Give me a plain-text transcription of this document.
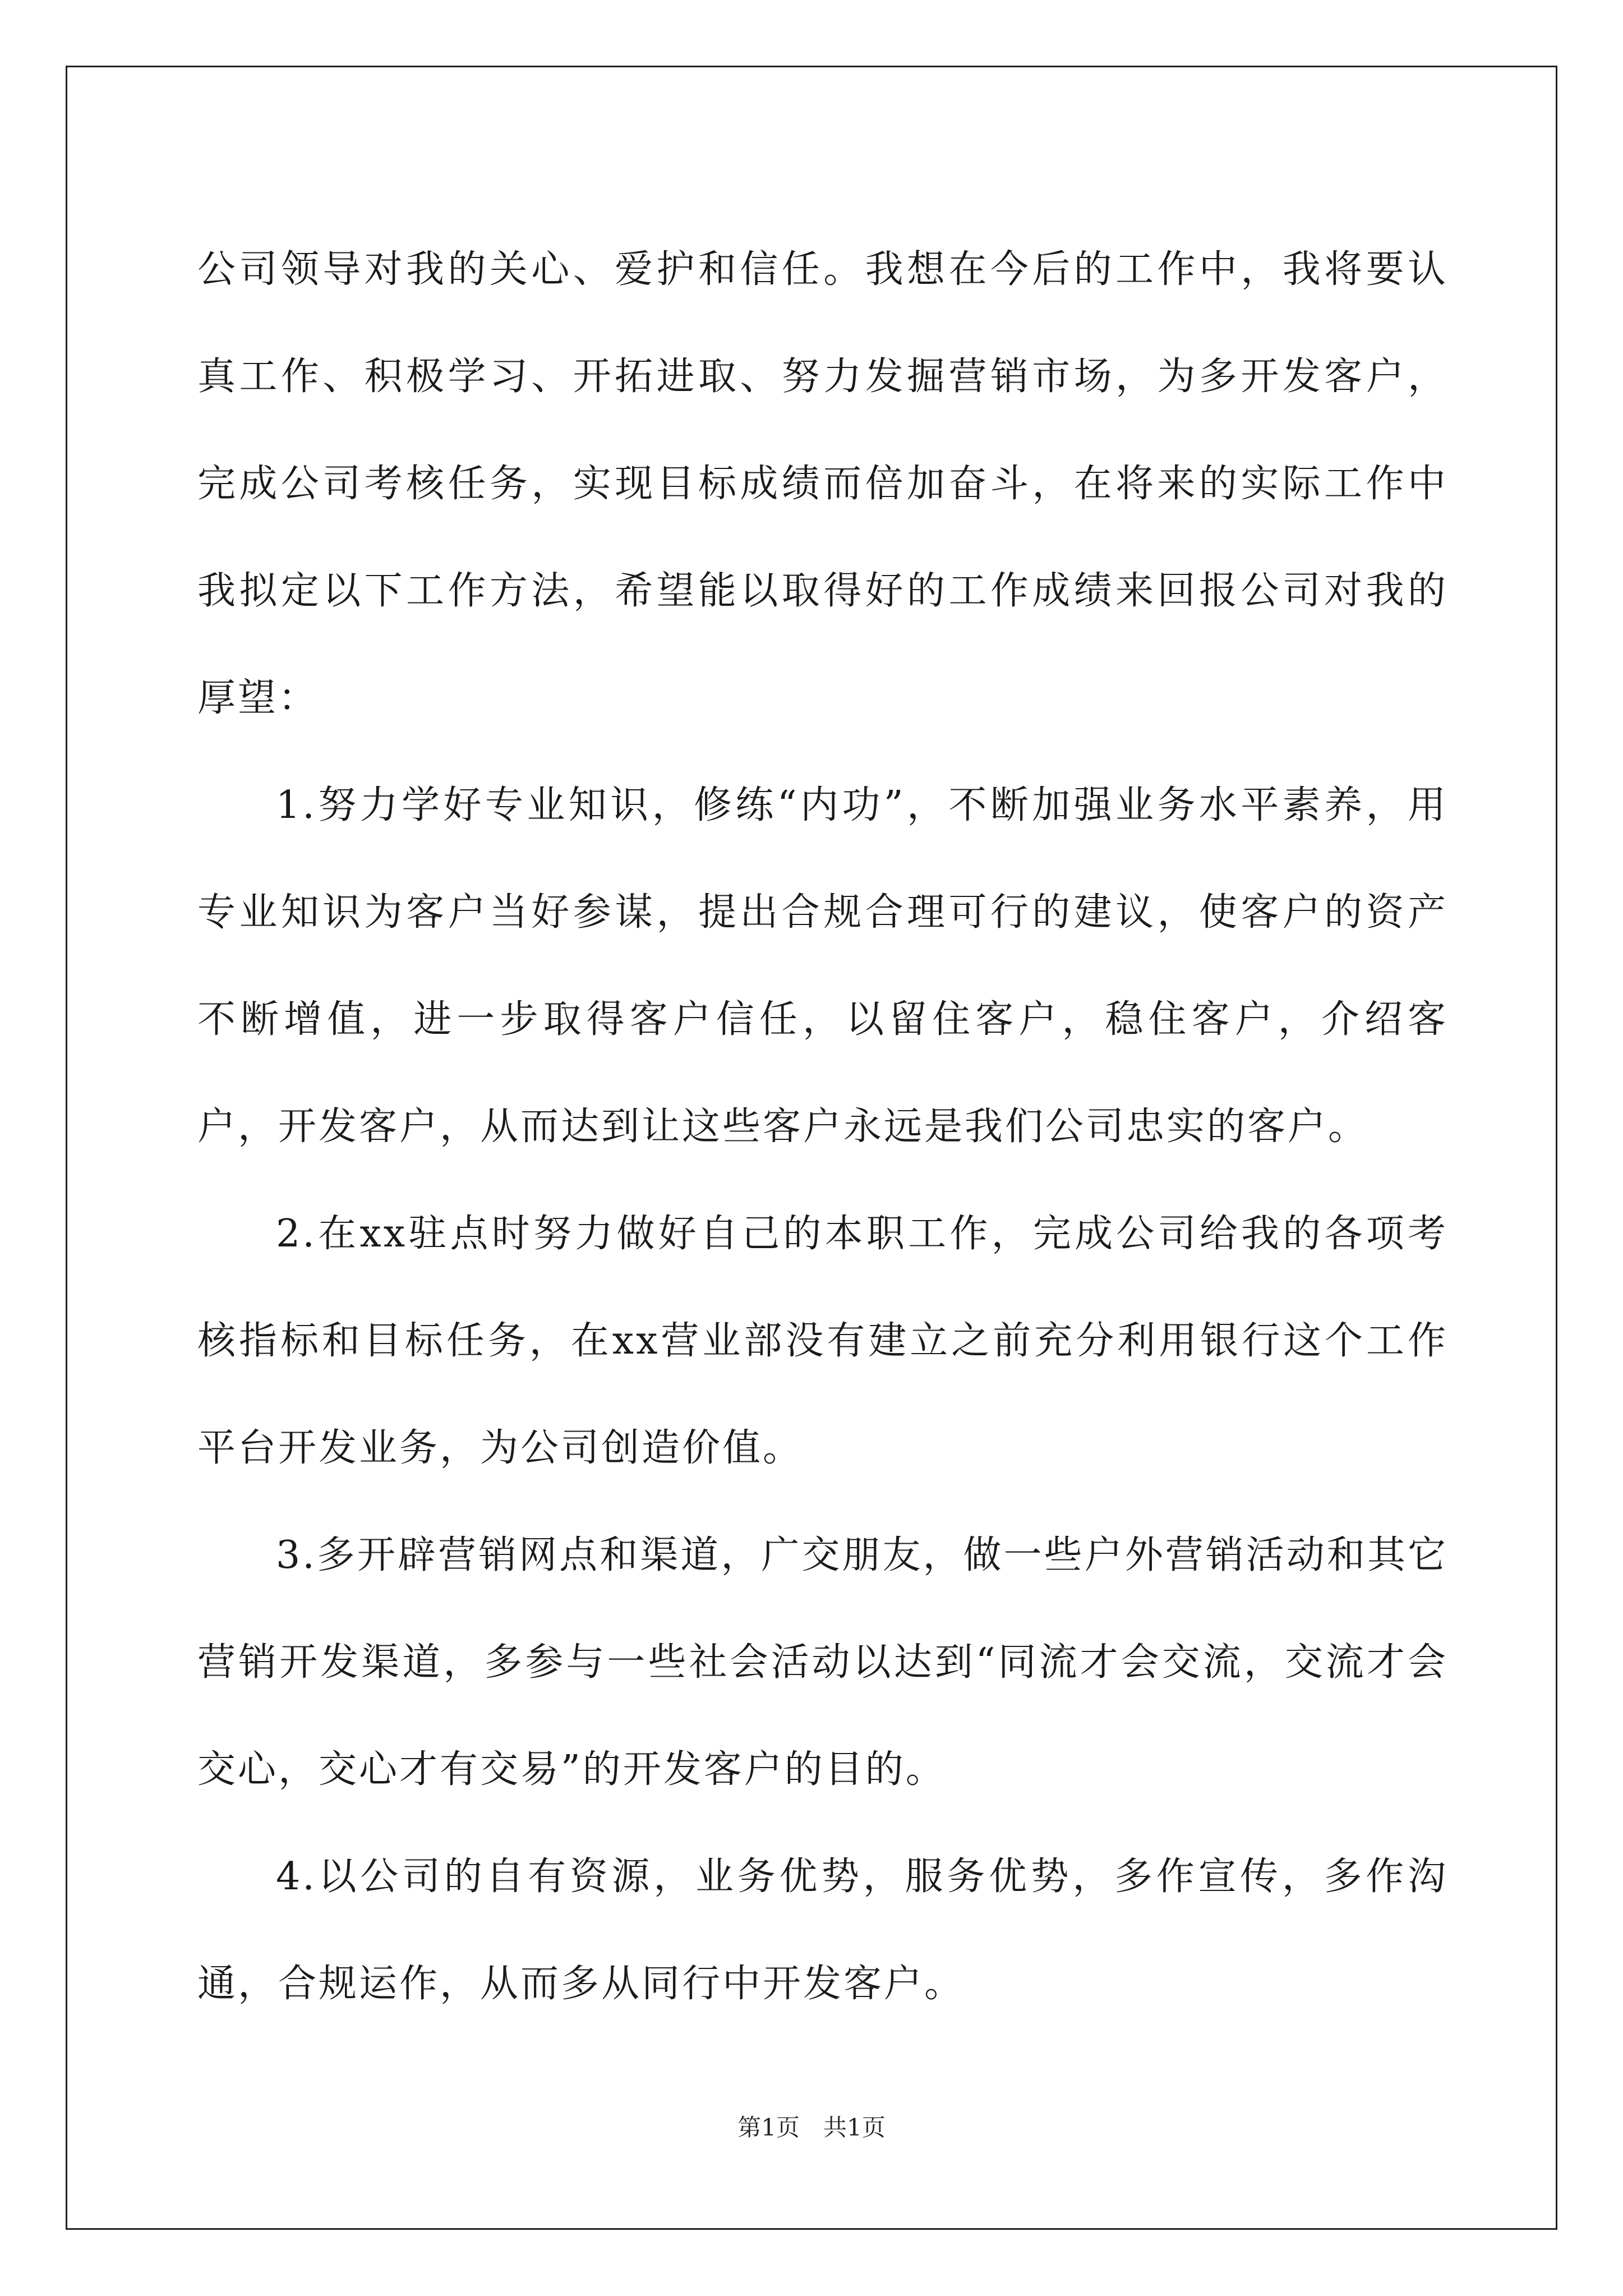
公司领导对我的关心、爱护和信任。我想在今后的工作中，我将要认真工作、积极学习、开拓进取、努力发掘营销市场，为多开发客户，完成公司考核任务，实现目标成绩而倍加奋斗，在将来的实际工作中我拟定以下工作方法，希望能以取得好的工作成绩来回报公司对我的厚望：

1.努力学好专业知识，修练“内功”，不断加强业务水平素养，用专业知识为客户当好参谋，提出合规合理可行的建议，使客户的资产不断增值，进一步取得客户信任，以留住客户，稳住客户，介绍客户，开发客户，从而达到让这些客户永远是我们公司忠实的客户。

2.在xx驻点时努力做好自己的本职工作，完成公司给我的各项考核指标和目标任务，在xx营业部没有建立之前充分利用银行这个工作平台开发业务，为公司创造价值。

3.多开辟营销网点和渠道，广交朋友，做一些户外营销活动和其它营销开发渠道，多参与一些社会活动以达到“同流才会交流，交流才会交心，交心才有交易”的开发客户的目的。

4.以公司的自有资源，业务优势，服务优势，多作宣传，多作沟通，合规运作，从而多从同行中开发客户。

第1页　共1页
